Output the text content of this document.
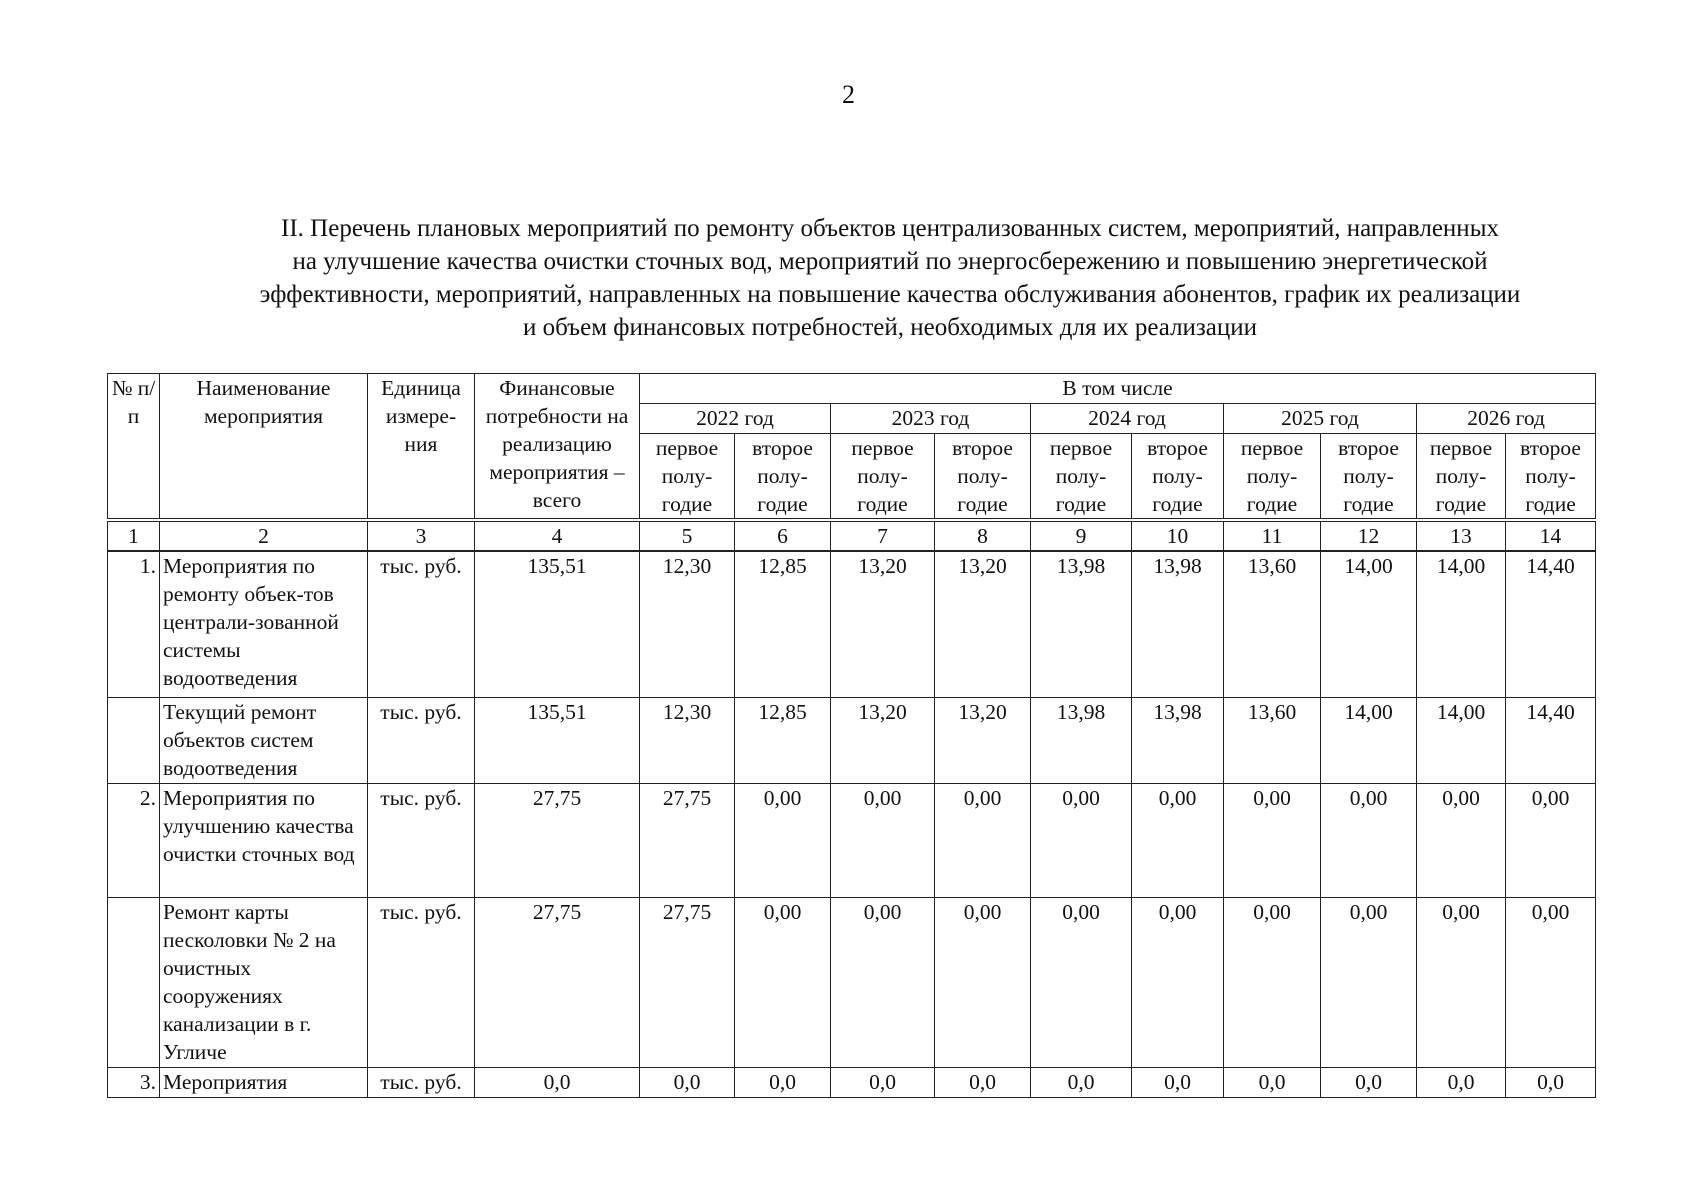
2
II. Перечень плановых мероприятий по ремонту объектов централизованных систем, мероприятий, направленных
на улучшение качества очистки сточных вод, мероприятий по энергосбережению и повышению энергетической
эффективности, мероприятий, направленных на повышение качества обслуживания абонентов, график их реализации
и объем финансовых потребностей, необходимых для их реализации
№ п/п	Наименование мероприятия	Единица измере-ния	Финансовые потребности на реализацию мероприятия – всего	В том числе									
				2022 год		2023 год		2024 год		2025 год		2026 год	
				первое полу-годие	второе полу-годие	первое полу-годие	второе полу-годие	первое полу-годие	второе полу-годие	первое полу-годие	второе полу-годие	первое полу-годие	второе полу-годие
1	2	3	4	5	6	7	8	9	10	11	12	13	14
1.	Мероприятия по ремонту объек-тов централи-зованной системы водоотведения	тыс. руб.	135,51	12,30	12,85	13,20	13,20	13,98	13,98	13,60	14,00	14,00	14,40
	Текущий ремонт объектов систем водоотведения	тыс. руб.	135,51	12,30	12,85	13,20	13,20	13,98	13,98	13,60	14,00	14,00	14,40
2.	Мероприятия по улучшению качества очистки сточных вод	тыс. руб.	27,75	27,75	0,00	0,00	0,00	0,00	0,00	0,00	0,00	0,00	0,00
	Ремонт карты песколовки № 2 на очистных сооружениях канализации в г. Угличе	тыс. руб.	27,75	27,75	0,00	0,00	0,00	0,00	0,00	0,00	0,00	0,00	0,00
3.	Мероприятия	тыс. руб.	0,0	0,0	0,0	0,0	0,0	0,0	0,0	0,0	0,0	0,0	0,0
